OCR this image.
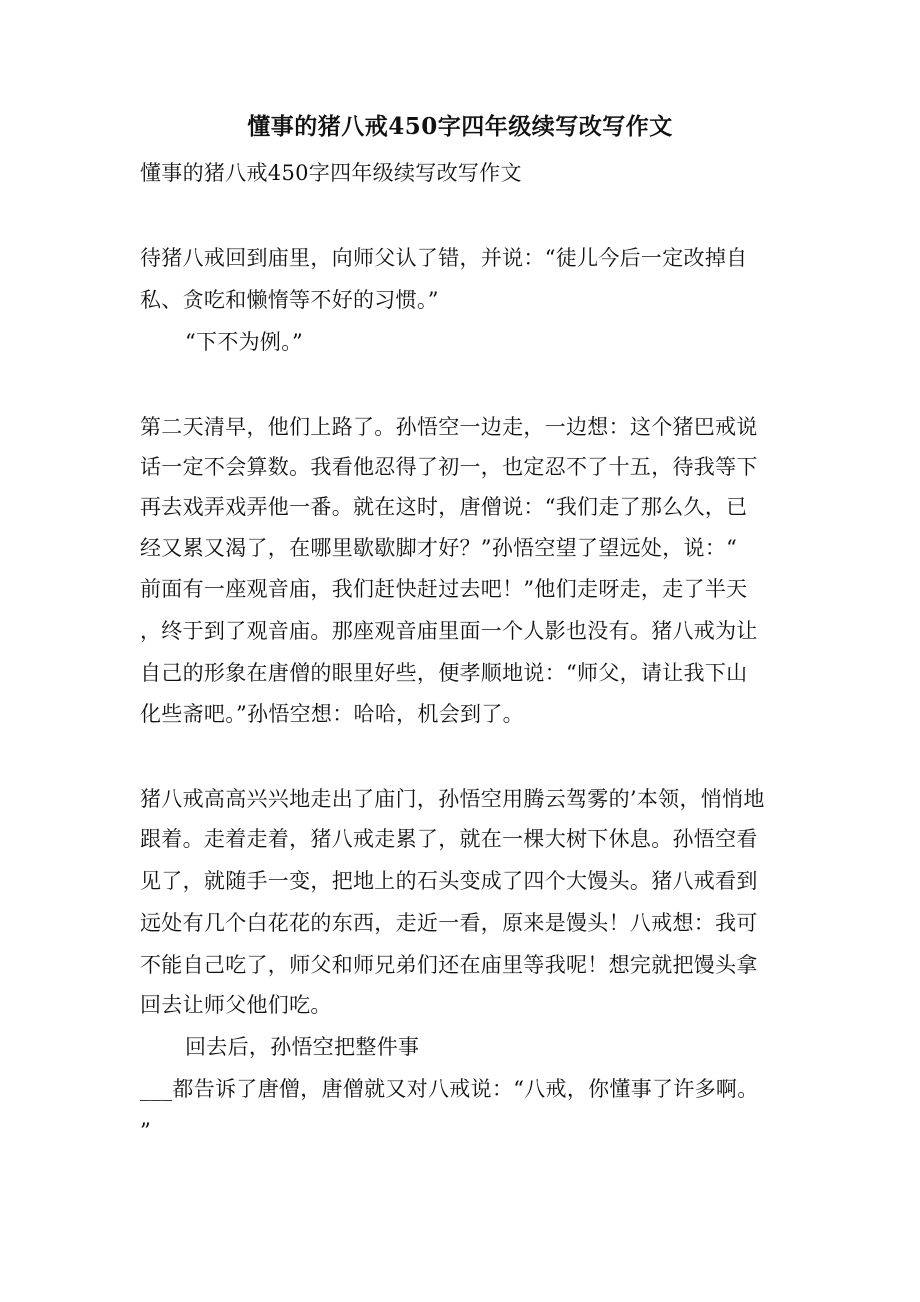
懂事的猪八戒450字四年级续写改写作文
懂事的猪八戒450字四年级续写改写作文
待猪八戒回到庙里，向师父认了错，并说：“徒儿今后一定改掉自
私、贪吃和懒惰等不好的习惯。”
“下不为例。”
第二天清早，他们上路了。孙悟空一边走，一边想：这个猪巴戒说
话一定不会算数。我看他忍得了初一，也定忍不了十五，待我等下
再去戏弄戏弄他一番。就在这时，唐僧说：“我们走了那么久，已
经又累又渴了，在哪里歇歇脚才好？”孙悟空望了望远处，说：“
前面有一座观音庙，我们赶快赶过去吧！”他们走呀走，走了半天
，终于到了观音庙。那座观音庙里面一个人影也没有。猪八戒为让
自己的形象在唐僧的眼里好些，便孝顺地说：“师父，请让我下山
化些斋吧。”孙悟空想：哈哈，机会到了。
猪八戒高高兴兴地走出了庙门，孙悟空用腾云驾雾的’本领，悄悄地
跟着。走着走着，猪八戒走累了，就在一棵大树下休息。孙悟空看
见了，就随手一变，把地上的石头变成了四个大馒头。猪八戒看到
远处有几个白花花的东西，走近一看，原来是馒头！八戒想：我可
不能自己吃了，师父和师兄弟们还在庙里等我呢！想完就把馒头拿
回去让师父他们吃。
回去后，孙悟空把整件事
___都告诉了唐僧，唐僧就又对八戒说：“八戒，你懂事了许多啊。
”
